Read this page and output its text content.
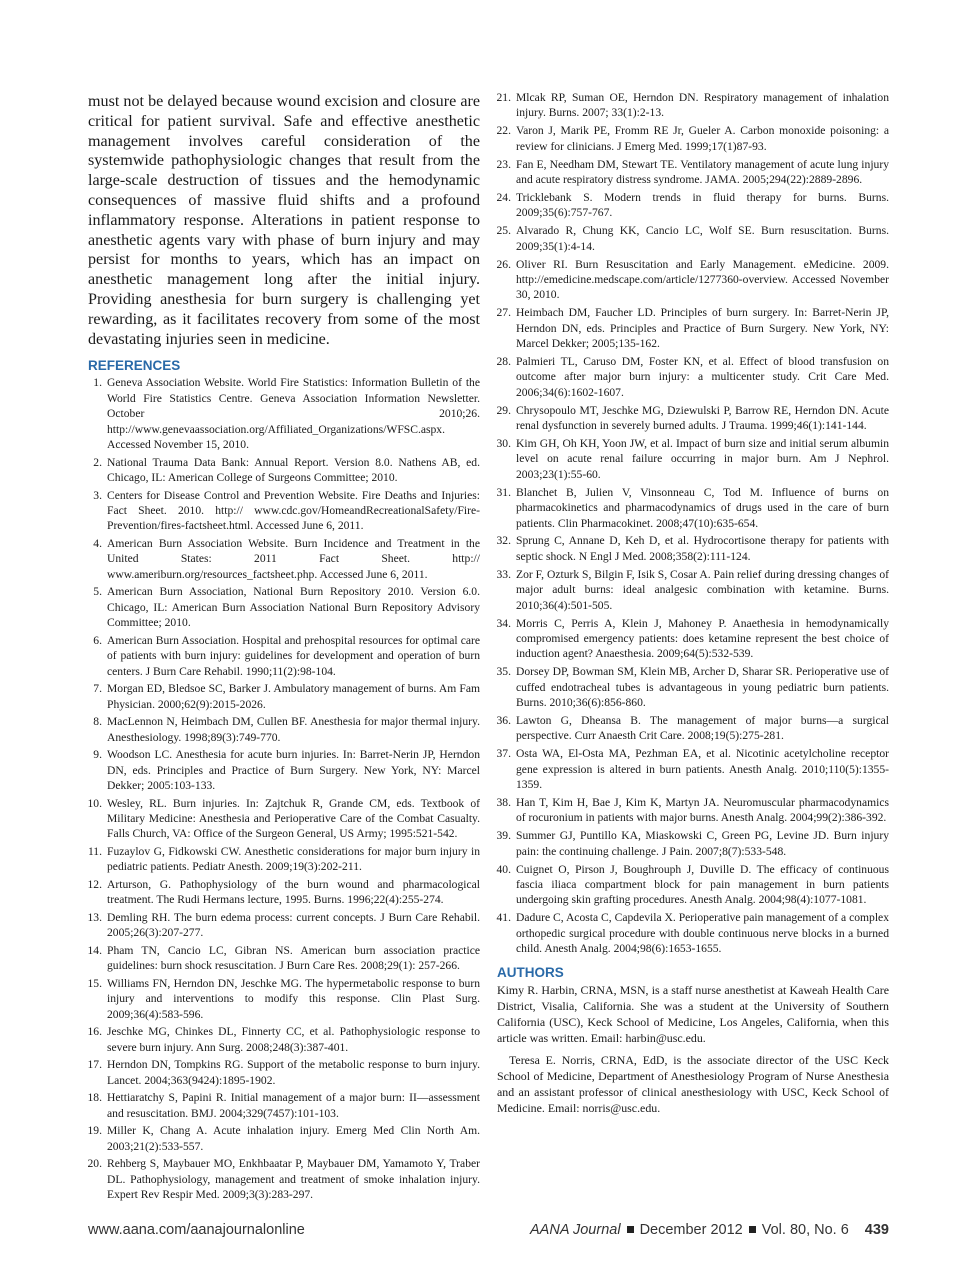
must not be delayed because wound excision and closure are critical for patient survival. Safe and effective anesthetic management involves careful consideration of the systemwide pathophysiologic changes that result from the large-scale destruction of tissues and the hemodynamic consequences of massive fluid shifts and a profound inflammatory response. Alterations in patient response to anesthetic agents vary with phase of burn injury and may persist for months to years, which has an impact on anesthetic management long after the initial injury. Providing anesthesia for burn surgery is challenging yet rewarding, as it facilitates recovery from some of the most devastating injuries seen in medicine.

REFERENCES
1. Geneva Association Website. World Fire Statistics: Information Bulletin of the World Fire Statistics Centre. Geneva Association Information Newsletter. October 2010;26. http://www.genevaassociation.org/Affiliated_Organizations/WFSC.aspx. Accessed November 15, 2010.
2. National Trauma Data Bank: Annual Report. Version 8.0. Nathens AB, ed. Chicago, IL: American College of Surgeons Committee; 2010.
3. Centers for Disease Control and Prevention Website. Fire Deaths and Injuries: Fact Sheet. 2010. http:// www.cdc.gov/HomeandRecreationalSafety/Fire-Prevention/fires-factsheet.html. Accessed June 6, 2011.
4. American Burn Association Website. Burn Incidence and Treatment in the United States: 2011 Fact Sheet. http:// www.ameriburn.org/resources_factsheet.php. Accessed June 6, 2011.
5. American Burn Association, National Burn Repository 2010. Version 6.0. Chicago, IL: American Burn Association National Burn Repository Advisory Committee; 2010.
6. American Burn Association. Hospital and prehospital resources for optimal care of patients with burn injury: guidelines for development and operation of burn centers. J Burn Care Rehabil. 1990;11(2):98-104.
7. Morgan ED, Bledsoe SC, Barker J. Ambulatory management of burns. Am Fam Physician. 2000;62(9):2015-2026.
8. MacLennon N, Heimbach DM, Cullen BF. Anesthesia for major thermal injury. Anesthesiology. 1998;89(3):749-770.
9. Woodson LC. Anesthesia for acute burn injuries. In: Barret-Nerin JP, Herndon DN, eds. Principles and Practice of Burn Surgery. New York, NY: Marcel Dekker; 2005:103-133.
10. Wesley, RL. Burn injuries. In: Zajtchuk R, Grande CM, eds. Textbook of Military Medicine: Anesthesia and Perioperative Care of the Combat Casualty. Falls Church, VA: Office of the Surgeon General, US Army; 1995:521-542.
11. Fuzaylov G, Fidkowski CW. Anesthetic considerations for major burn injury in pediatric patients. Pediatr Anesth. 2009;19(3):202-211.
12. Arturson, G. Pathophysiology of the burn wound and pharmacological treatment. The Rudi Hermans lecture, 1995. Burns. 1996;22(4):255-274.
13. Demling RH. The burn edema process: current concepts. J Burn Care Rehabil. 2005;26(3):207-277.
14. Pham TN, Cancio LC, Gibran NS. American burn association practice guidelines: burn shock resuscitation. J Burn Care Res. 2008;29(1): 257-266.
15. Williams FN, Herndon DN, Jeschke MG. The hypermetabolic response to burn injury and interventions to modify this response. Clin Plast Surg. 2009;36(4):583-596.
16. Jeschke MG, Chinkes DL, Finnerty CC, et al. Pathophysiologic response to severe burn injury. Ann Surg. 2008;248(3):387-401.
17. Herndon DN, Tompkins RG. Support of the metabolic response to burn injury. Lancet. 2004;363(9424):1895-1902.
18. Hettiaratchy S, Papini R. Initial management of a major burn: II—assessment and resuscitation. BMJ. 2004;329(7457):101-103.
19. Miller K, Chang A. Acute inhalation injury. Emerg Med Clin North Am. 2003;21(2):533-557.
20. Rehberg S, Maybauer MO, Enkhbaatar P, Maybauer DM, Yamamoto Y, Traber DL. Pathophysiology, management and treatment of smoke inhalation injury. Expert Rev Respir Med. 2009;3(3):283-297.
21. Mlcak RP, Suman OE, Herndon DN. Respiratory management of inhalation injury. Burns. 2007; 33(1):2-13.
22. Varon J, Marik PE, Fromm RE Jr, Gueler A. Carbon monoxide poisoning: a review for clinicians. J Emerg Med. 1999;17(1)87-93.
23. Fan E, Needham DM, Stewart TE. Ventilatory management of acute lung injury and acute respiratory distress syndrome. JAMA. 2005;294(22):2889-2896.
24. Tricklebank S. Modern trends in fluid therapy for burns. Burns. 2009;35(6):757-767.
25. Alvarado R, Chung KK, Cancio LC, Wolf SE. Burn resuscitation. Burns. 2009;35(1):4-14.
26. Oliver RI. Burn Resuscitation and Early Management. eMedicine. 2009. http://emedicine.medscape.com/article/1277360-overview. Accessed November 30, 2010.
27. Heimbach DM, Faucher LD. Principles of burn surgery. In: Barret-Nerin JP, Herndon DN, eds. Principles and Practice of Burn Surgery. New York, NY: Marcel Dekker; 2005;135-162.
28. Palmieri TL, Caruso DM, Foster KN, et al. Effect of blood transfusion on outcome after major burn injury: a multicenter study. Crit Care Med. 2006;34(6):1602-1607.
29. Chrysopoulo MT, Jeschke MG, Dziewulski P, Barrow RE, Herndon DN. Acute renal dysfunction in severely burned adults. J Trauma. 1999;46(1):141-144.
30. Kim GH, Oh KH, Yoon JW, et al. Impact of burn size and initial serum albumin level on acute renal failure occurring in major burn. Am J Nephrol. 2003;23(1):55-60.
31. Blanchet B, Julien V, Vinsonneau C, Tod M. Influence of burns on pharmacokinetics and pharmacodynamics of drugs used in the care of burn patients. Clin Pharmacokinet. 2008;47(10):635-654.
32. Sprung C, Annane D, Keh D, et al. Hydrocortisone therapy for patients with septic shock. N Engl J Med. 2008;358(2):111-124.
33. Zor F, Ozturk S, Bilgin F, Isik S, Cosar A. Pain relief during dressing changes of major adult burns: ideal analgesic combination with ketamine. Burns. 2010;36(4):501-505.
34. Morris C, Perris A, Klein J, Mahoney P. Anaethesia in hemodynamically compromised emergency patients: does ketamine represent the best choice of induction agent? Anaesthesia. 2009;64(5):532-539.
35. Dorsey DP, Bowman SM, Klein MB, Archer D, Sharar SR. Perioperative use of cuffed endotracheal tubes is advantageous in young pediatric burn patients. Burns. 2010;36(6):856-860.
36. Lawton G, Dheansa B. The management of major burns—a surgical perspective. Curr Anaesth Crit Care. 2008;19(5):275-281.
37. Osta WA, El-Osta MA, Pezhman EA, et al. Nicotinic acetylcholine receptor gene expression is altered in burn patients. Anesth Analg. 2010;110(5):1355-1359.
38. Han T, Kim H, Bae J, Kim K, Martyn JA. Neuromuscular pharmacodynamics of rocuronium in patients with major burns. Anesth Analg. 2004;99(2):386-392.
39. Summer GJ, Puntillo KA, Miaskowski C, Green PG, Levine JD. Burn injury pain: the continuing challenge. J Pain. 2007;8(7):533-548.
40. Cuignet O, Pirson J, Boughrouph J, Duville D. The efficacy of continuous fascia iliaca compartment block for pain management in burn patients undergoing skin grafting procedures. Anesth Analg. 2004;98(4):1077-1081.
41. Dadure C, Acosta C, Capdevila X. Perioperative pain management of a complex orthopedic surgical procedure with double continuous nerve blocks in a burned child. Anesth Analg. 2004;98(6):1653-1655.
AUTHORS

Kimy R. Harbin, CRNA, MSN, is a staff nurse anesthetist at Kaweah Health Care District, Visalia, California. She was a student at the University of Southern California (USC), Keck School of Medicine, Los Angeles, California, when this article was written. Email: harbin@usc.edu.

Teresa E. Norris, CRNA, EdD, is the associate director of the USC Keck School of Medicine, Department of Anesthesiology Program of Nurse Anesthesia and an assistant professor of clinical anesthesiology with USC, Keck School of Medicine. Email: norris@usc.edu.

www.aana.com/aanajournalonline	AANA Journal December 2012 Vol. 80, No. 6 439
